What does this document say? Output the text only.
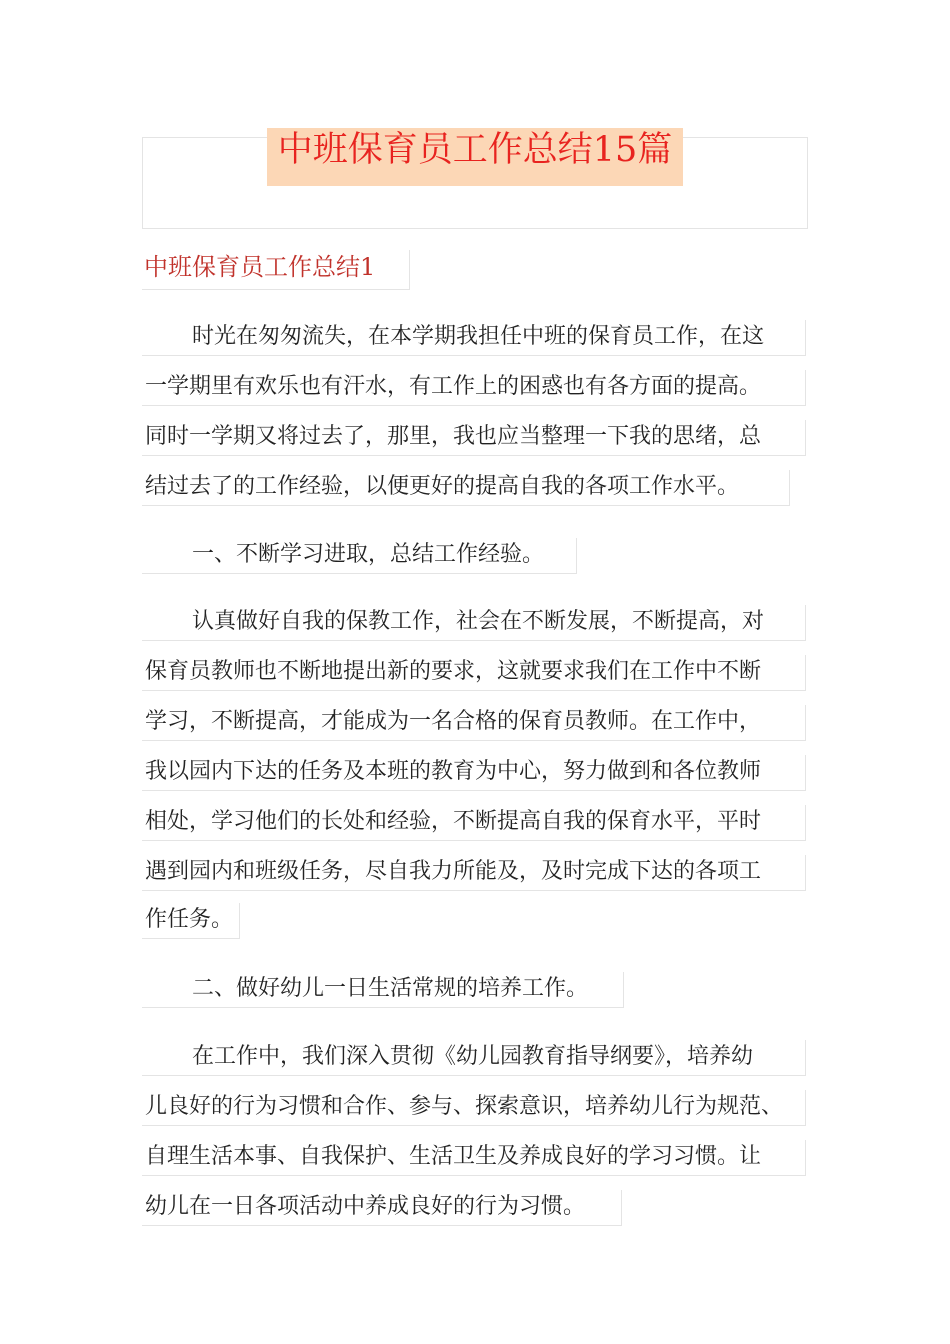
中班保育员工作总结15篇
中班保育员工作总结1
时光在匆匆流失，在本学期我担任中班的保育员工作，在这
一学期里有欢乐也有汗水，有工作上的困惑也有各方面的提高。
同时一学期又将过去了，那里，我也应当整理一下我的思绪，总
结过去了的工作经验，以便更好的提高自我的各项工作水平。
一、不断学习进取，总结工作经验。
认真做好自我的保教工作，社会在不断发展，不断提高，对
保育员教师也不断地提出新的要求，这就要求我们在工作中不断
学习，不断提高，才能成为一名合格的保育员教师。在工作中，
我以园内下达的任务及本班的教育为中心，努力做到和各位教师
相处，学习他们的长处和经验，不断提高自我的保育水平，平时
遇到园内和班级任务，尽自我力所能及，及时完成下达的各项工
作任务。
二、做好幼儿一日生活常规的培养工作。
在工作中，我们深入贯彻《幼儿园教育指导纲要》，培养幼
儿良好的行为习惯和合作、参与、探索意识，培养幼儿行为规范、
自理生活本事、自我保护、生活卫生及养成良好的学习习惯。让
幼儿在一日各项活动中养成良好的行为习惯。
